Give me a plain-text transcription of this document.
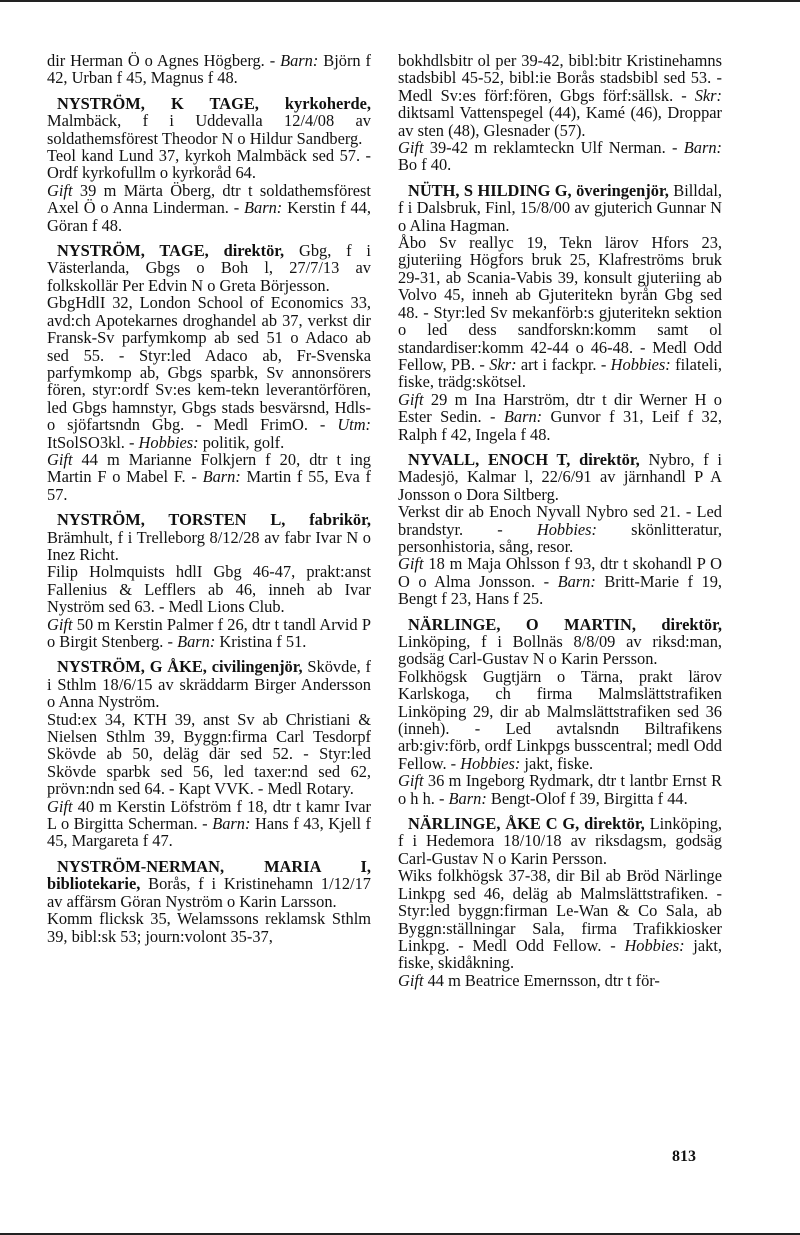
dir Herman Ö o Agnes Högberg. - Barn: Björn f 42, Urban f 45, Magnus f 48.

NYSTRÖM, K TAGE, kyrkoherde, Malmbäck, f i Uddevalla 12/4/08 av soldathemsförest Theodor N o Hildur Sandberg.

Teol kand Lund 37, kyrkoh Malmbäck sed 57. - Ordf kyrkofullm o kyrkoråd 64.

Gift 39 m Märta Öberg, dtr t soldathemsförest Axel Ö o Anna Linderman. - Barn: Kerstin f 44, Göran f 48.

NYSTRÖM, TAGE, direktör, Gbg, f i Västerlanda, Gbgs o Boh l, 27/7/13 av folkskollär Per Edvin N o Greta Börjesson.

GbgHdlI 32, London School of Economics 33, avd:ch Apotekarnes droghandel ab 37, verkst dir Fransk-Sv parfymkomp ab sed 51 o Adaco ab sed 55. - Styr:led Adaco ab, Fr-Svenska parfymkomp ab, Gbgs sparbk, Sv annonsörers fören, styr:ordf Sv:es kem-tekn leverantörfören, led Gbgs hamnstyr, Gbgs stads besvärsnd, Hdls- o sjöfartsndn Gbg. - Medl FrimO. - Utm: ItSolSO3kl. - Hobbies: politik, golf.

Gift 44 m Marianne Folkjern f 20, dtr t ing Martin F o Mabel F. - Barn: Martin f 55, Eva f 57.

NYSTRÖM, TORSTEN L, fabrikör, Brämhult, f i Trelleborg 8/12/28 av fabr Ivar N o Inez Richt.

Filip Holmquists hdlI Gbg 46-47, prakt:anst Fallenius & Lefflers ab 46, inneh ab Ivar Nyström sed 63. - Medl Lions Club.

Gift 50 m Kerstin Palmer f 26, dtr t tandl Arvid P o Birgit Stenberg. - Barn: Kristina f 51.

NYSTRÖM, G ÅKE, civilingenjör, Skövde, f i Sthlm 18/6/15 av skräddarm Birger Andersson o Anna Nyström.

Stud:ex 34, KTH 39, anst Sv ab Christiani & Nielsen Sthlm 39, Byggn:firma Carl Tesdorpf Skövde ab 50, deläg där sed 52. - Styr:led Skövde sparbk sed 56, led taxer:nd sed 62, prövn:ndn sed 64. - Kapt VVK. - Medl Rotary.

Gift 40 m Kerstin Löfström f 18, dtr t kamr Ivar L o Birgitta Scherman. - Barn: Hans f 43, Kjell f 45, Margareta f 47.

NYSTRÖM-NERMAN, MARIA I, bibliotekarie, Borås, f i Kristinehamn 1/12/17 av affärsm Göran Nyström o Karin Larsson.

Komm flicksk 35, Welamssons reklamsk Sthlm 39, bibl:sk 53; journ:volont 35-37,

bokhdlsbitr ol per 39-42, bibl:bitr Kristinehamns stadsbibl 45-52, bibl:ie Borås stadsbibl sed 53. - Medl Sv:es förf:fören, Gbgs förf:sällsk. - Skr: diktsaml Vattenspegel (44), Kamé (46), Droppar av sten (48), Glesnader (57).

Gift 39-42 m reklamteckn Ulf Nerman. - Barn: Bo f 40.

NÜTH, S HILDING G, överingenjör, Billdal, f i Dalsbruk, Finl, 15/8/00 av gjuterich Gunnar N o Alina Hagman.

Åbo Sv reallyc 19, Tekn lärov Hfors 23, gjuteriing Högfors bruk 25, Klafreströms bruk 29-31, ab Scania-Vabis 39, konsult gjuteriing ab Volvo 45, inneh ab Gjuteritekn byrån Gbg sed 48. - Styr:led Sv mekanförb:s gjuteritekn sektion o led dess sandforskn:komm samt ol standardiser:komm 42-44 o 46-48. - Medl Odd Fellow, PB. - Skr: art i fackpr. - Hobbies: filateli, fiske, trädg:skötsel.

Gift 29 m Ina Harström, dtr t dir Werner H o Ester Sedin. - Barn: Gunvor f 31, Leif f 32, Ralph f 42, Ingela f 48.

NYVALL, ENOCH T, direktör, Nybro, f i Madesjö, Kalmar l, 22/6/91 av järnhandl P A Jonsson o Dora Siltberg.

Verkst dir ab Enoch Nyvall Nybro sed 21. - Led brandstyr. - Hobbies: skönlitteratur, personhistoria, sång, resor.

Gift 18 m Maja Ohlsson f 93, dtr t skohandl P O O o Alma Jonsson. - Barn: Britt-Marie f 19, Bengt f 23, Hans f 25.

NÄRLINGE, O MARTIN, direktör, Linköping, f i Bollnäs 8/8/09 av riksd:man, godsäg Carl-Gustav N o Karin Persson.

Folkhögsk Gugtjärn o Tärna, prakt lärov Karlskoga, ch firma Malmslättstrafiken Linköping 29, dir ab Malmslättstrafiken sed 36 (inneh). - Led avtalsndn Biltrafikens arb:giv:förb, ordf Linkpgs busscentral; medl Odd Fellow. - Hobbies: jakt, fiske.

Gift 36 m Ingeborg Rydmark, dtr t lantbr Ernst R o h h. - Barn: Bengt-Olof f 39, Birgitta f 44.

NÄRLINGE, ÅKE C G, direktör, Linköping, f i Hedemora 18/10/18 av riksdagsm, godsäg Carl-Gustav N o Karin Persson.

Wiks folkhögsk 37-38, dir Bil ab Bröd Närlinge Linkpg sed 46, deläg ab Malmslättstrafiken. - Styr:led byggn:firman Le-Wan & Co Sala, ab Byggn:ställningar Sala, firma Trafikkiosker Linkpg. - Medl Odd Fellow. - Hobbies: jakt, fiske, skidåkning.

Gift 44 m Beatrice Emernsson, dtr t för-

813
